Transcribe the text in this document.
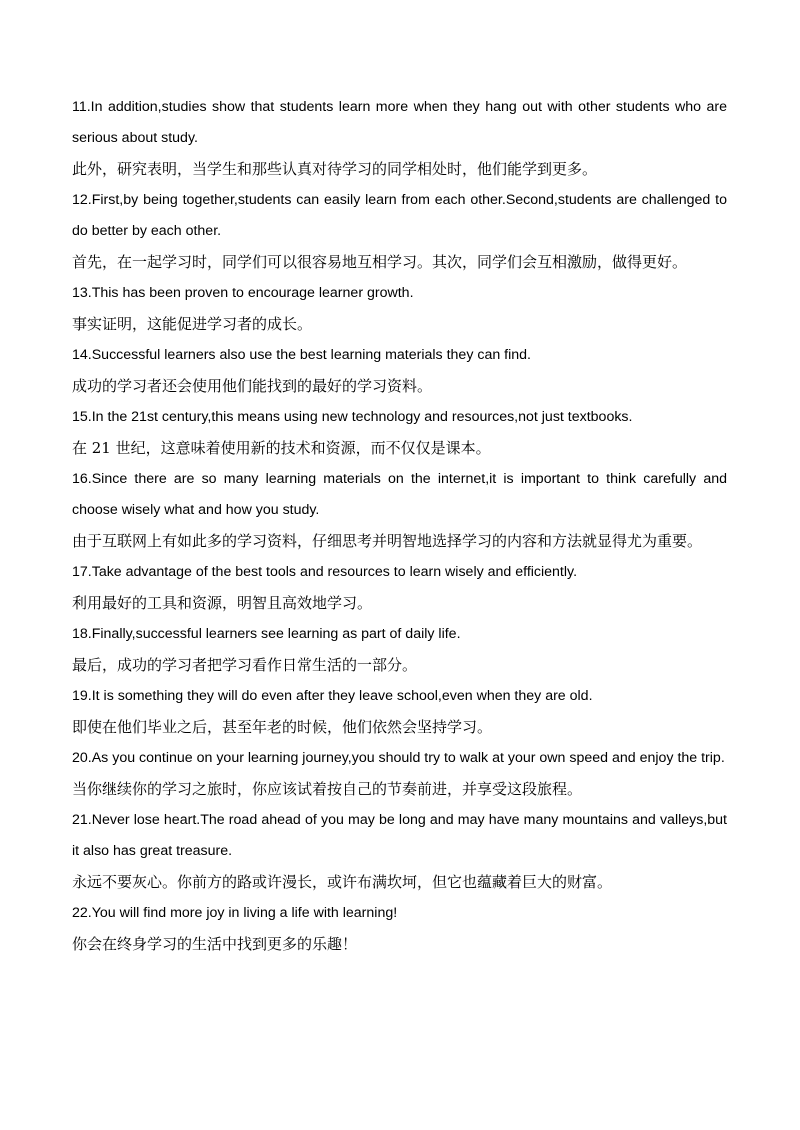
11.In addition,studies show that students learn more when they hang out with other students who are serious about study.

此外，研究表明，当学生和那些认真对待学习的同学相处时，他们能学到更多。

12.First,by being together,students can easily learn from each other.Second,students are challenged to do better by each other.

首先，在一起学习时，同学们可以很容易地互相学习。其次，同学们会互相激励，做得更好。

13.This has been proven to encourage learner growth.

事实证明，这能促进学习者的成长。

14.Successful learners also use the best learning materials they can find.

成功的学习者还会使用他们能找到的最好的学习资料。

15.In the 21st century,this means using new technology and resources,not just textbooks.

在 21 世纪，这意味着使用新的技术和资源，而不仅仅是课本。

16.Since there are so many learning materials on the internet,it is important to think carefully and choose wisely what and how you study.

由于互联网上有如此多的学习资料，仔细思考并明智地选择学习的内容和方法就显得尤为重要。

17.Take advantage of the best tools and resources to learn wisely and efficiently.

利用最好的工具和资源，明智且高效地学习。

18.Finally,successful learners see learning as part of daily life.

最后，成功的学习者把学习看作日常生活的一部分。

19.It is something they will do even after they leave school,even when they are old.

即使在他们毕业之后，甚至年老的时候，他们依然会坚持学习。

20.As you continue on your learning journey,you should try to walk at your own speed and enjoy the trip.

当你继续你的学习之旅时，你应该试着按自己的节奏前进，并享受这段旅程。

21.Never lose heart.The road ahead of you may be long and may have many mountains and valleys,but it also has great treasure.

永远不要灰心。你前方的路或许漫长，或许布满坎坷，但它也蕴藏着巨大的财富。

22.You will find more joy in living a life with learning!

你会在终身学习的生活中找到更多的乐趣！
